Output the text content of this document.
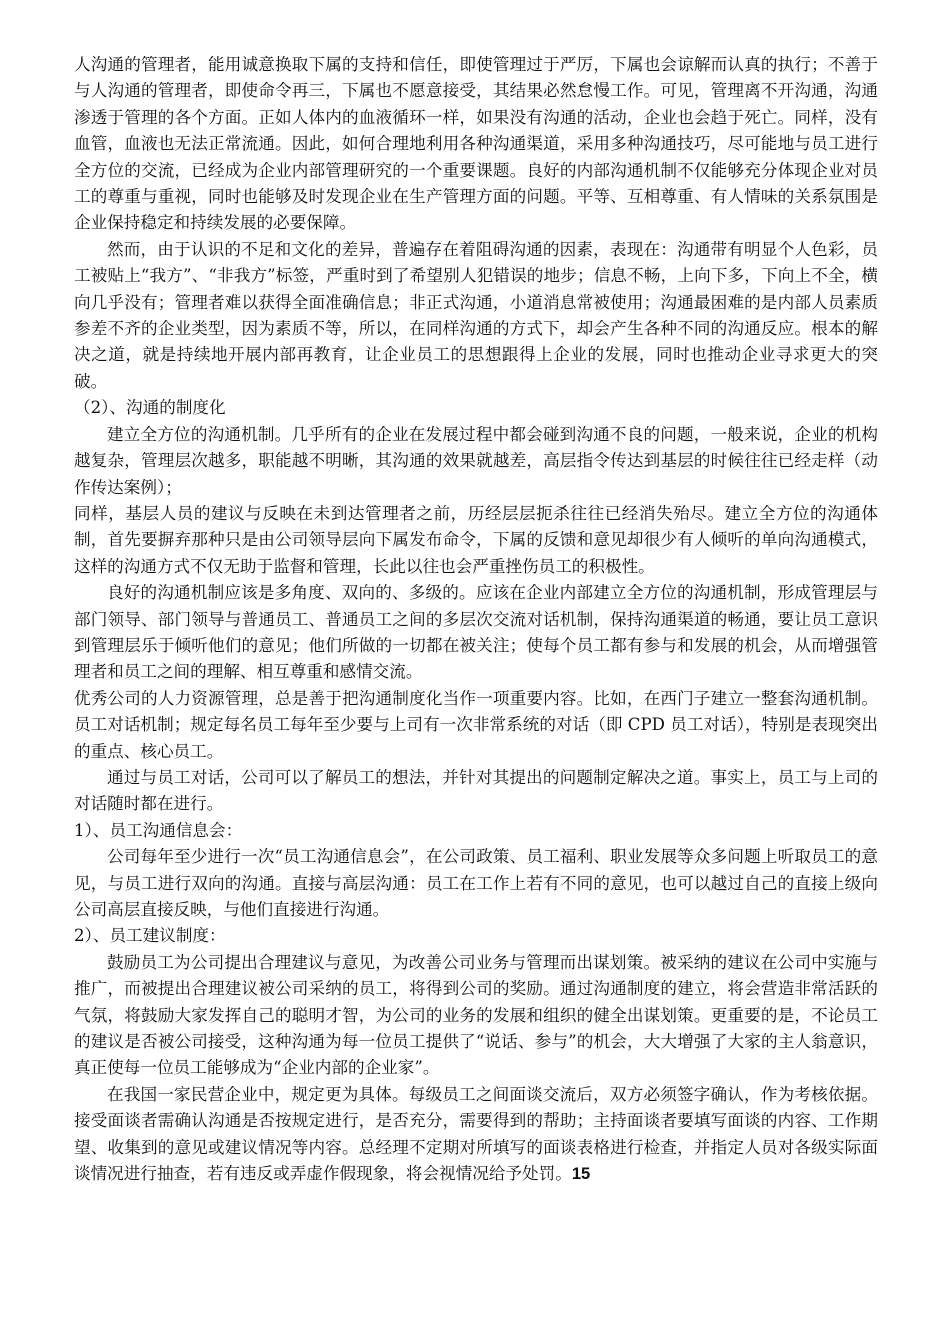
人沟通的管理者，能用诚意换取下属的支持和信任，即使管理过于严厉，下属也会谅解而认真的执行；不善于与人沟通的管理者，即使命令再三，下属也不愿意接受，其结果必然怠慢工作。可见，管理离不开沟通，沟通渗透于管理的各个方面。正如人体内的血液循环一样，如果没有沟通的活动，企业也会趋于死亡。同样，没有血管，血液也无法正常流通。因此，如何合理地利用各种沟通渠道，采用多种沟通技巧，尽可能地与员工进行全方位的交流，已经成为企业内部管理研究的一个重要课题。良好的内部沟通机制不仅能够充分体现企业对员工的尊重与重视，同时也能够及时发现企业在生产管理方面的问题。平等、互相尊重、有人情味的关系氛围是企业保持稳定和持续发展的必要保障。

然而，由于认识的不足和文化的差异，普遍存在着阻碍沟通的因素，表现在：沟通带有明显个人色彩，员工被贴上“我方”、“非我方”标签，严重时到了希望别人犯错误的地步；信息不畅，上向下多，下向上不全，横向几乎没有；管理者难以获得全面准确信息；非正式沟通，小道消息常被使用；沟通最困难的是内部人员素质参差不齐的企业类型，因为素质不等，所以，在同样沟通的方式下，却会产生各种不同的沟通反应。根本的解决之道，就是持续地开展内部再教育，让企业员工的思想跟得上企业的发展，同时也推动企业寻求更大的突破。

（2）、沟通的制度化

建立全方位的沟通机制。几乎所有的企业在发展过程中都会碰到沟通不良的问题，一般来说，企业的机构越复杂，管理层次越多，职能越不明晰，其沟通的效果就越差，高层指令传达到基层的时候往往已经走样（动作传达案例）；

同样，基层人员的建议与反映在未到达管理者之前，历经层层扼杀往往已经消失殆尽。建立全方位的沟通体制，首先要摒弃那种只是由公司领导层向下属发布命令，下属的反馈和意见却很少有人倾听的单向沟通模式，这样的沟通方式不仅无助于监督和管理，长此以往也会严重挫伤员工的积极性。

良好的沟通机制应该是多角度、双向的、多级的。应该在企业内部建立全方位的沟通机制，形成管理层与部门领导、部门领导与普通员工、普通员工之间的多层次交流对话机制，保持沟通渠道的畅通，要让员工意识到管理层乐于倾听他们的意见；他们所做的一切都在被关注；使每个员工都有参与和发展的机会，从而增强管理者和员工之间的理解、相互尊重和感情交流。

优秀公司的人力资源管理，总是善于把沟通制度化当作一项重要内容。比如，在西门子建立一整套沟通机制。员工对话机制；规定每名员工每年至少要与上司有一次非常系统的对话（即 CPD 员工对话），特别是表现突出的重点、核心员工。

通过与员工对话，公司可以了解员工的想法，并针对其提出的问题制定解决之道。事实上，员工与上司的对话随时都在进行。

1）、员工沟通信息会：

公司每年至少进行一次“员工沟通信息会”，在公司政策、员工福利、职业发展等众多问题上听取员工的意见，与员工进行双向的沟通。直接与高层沟通：员工在工作上若有不同的意见，也可以越过自己的直接上级向公司高层直接反映，与他们直接进行沟通。

2）、员工建议制度：

鼓励员工为公司提出合理建议与意见，为改善公司业务与管理而出谋划策。被采纳的建议在公司中实施与推广，而被提出合理建议被公司采纳的员工，将得到公司的奖励。通过沟通制度的建立，将会营造非常活跃的气氛，将鼓励大家发挥自己的聪明才智，为公司的业务的发展和组织的健全出谋划策。更重要的是，不论员工的建议是否被公司接受，这种沟通为每一位员工提供了“说话、参与”的机会，大大增强了大家的主人翁意识，真正使每一位员工能够成为“企业内部的企业家”。

在我国一家民营企业中，规定更为具体。每级员工之间面谈交流后，双方必须签字确认，作为考核依据。接受面谈者需确认沟通是否按规定进行，是否充分，需要得到的帮助；主持面谈者要填写面谈的内容、工作期望、收集到的意见或建议情况等内容。总经理不定期对所填写的面谈表格进行检查，并指定人员对各级实际面谈情况进行抽查，若有违反或弄虚作假现象，将会视情况给予处罚。15
